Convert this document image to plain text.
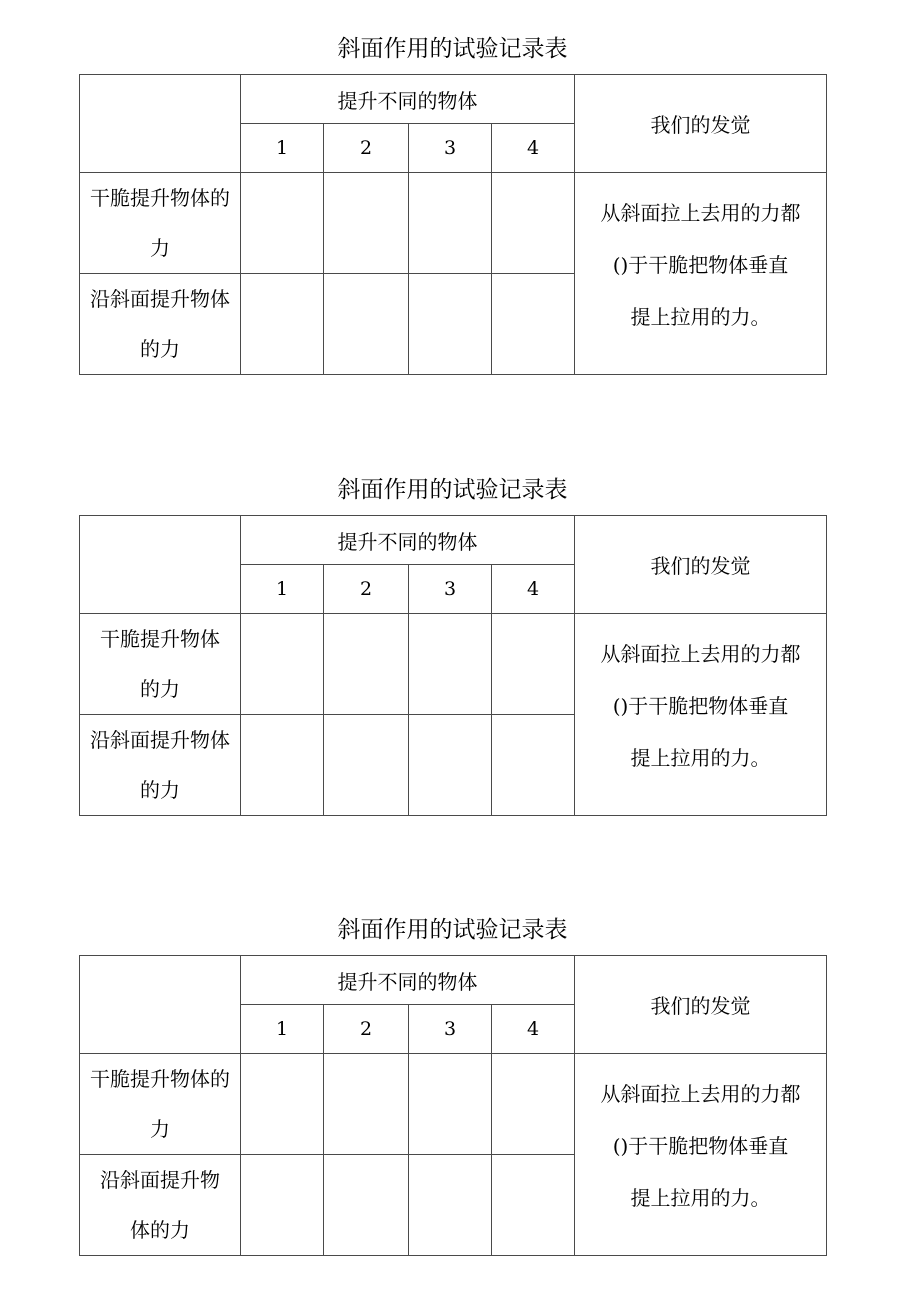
斜面作用的试验记录表
	提升不同的物体				我们的发觉
	1	2	3	4	

干脆提升物体的
力					从斜面拉上去用的力都
()于干脆把物体垂直
提上拉用的力。

沿斜面提升物体
的力					

斜面作用的试验记录表
	提升不同的物体				我们的发觉
	1	2	3	4	

干脆提升物体
的力					从斜面拉上去用的力都
()于干脆把物体垂直
提上拉用的力。

沿斜面提升物体
的力					

斜面作用的试验记录表
	提升不同的物体				我们的发觉
	1	2	3	4	

干脆提升物体的
力					从斜面拉上去用的力都
()于干脆把物体垂直
提上拉用的力。

沿斜面提升物
体的力					
